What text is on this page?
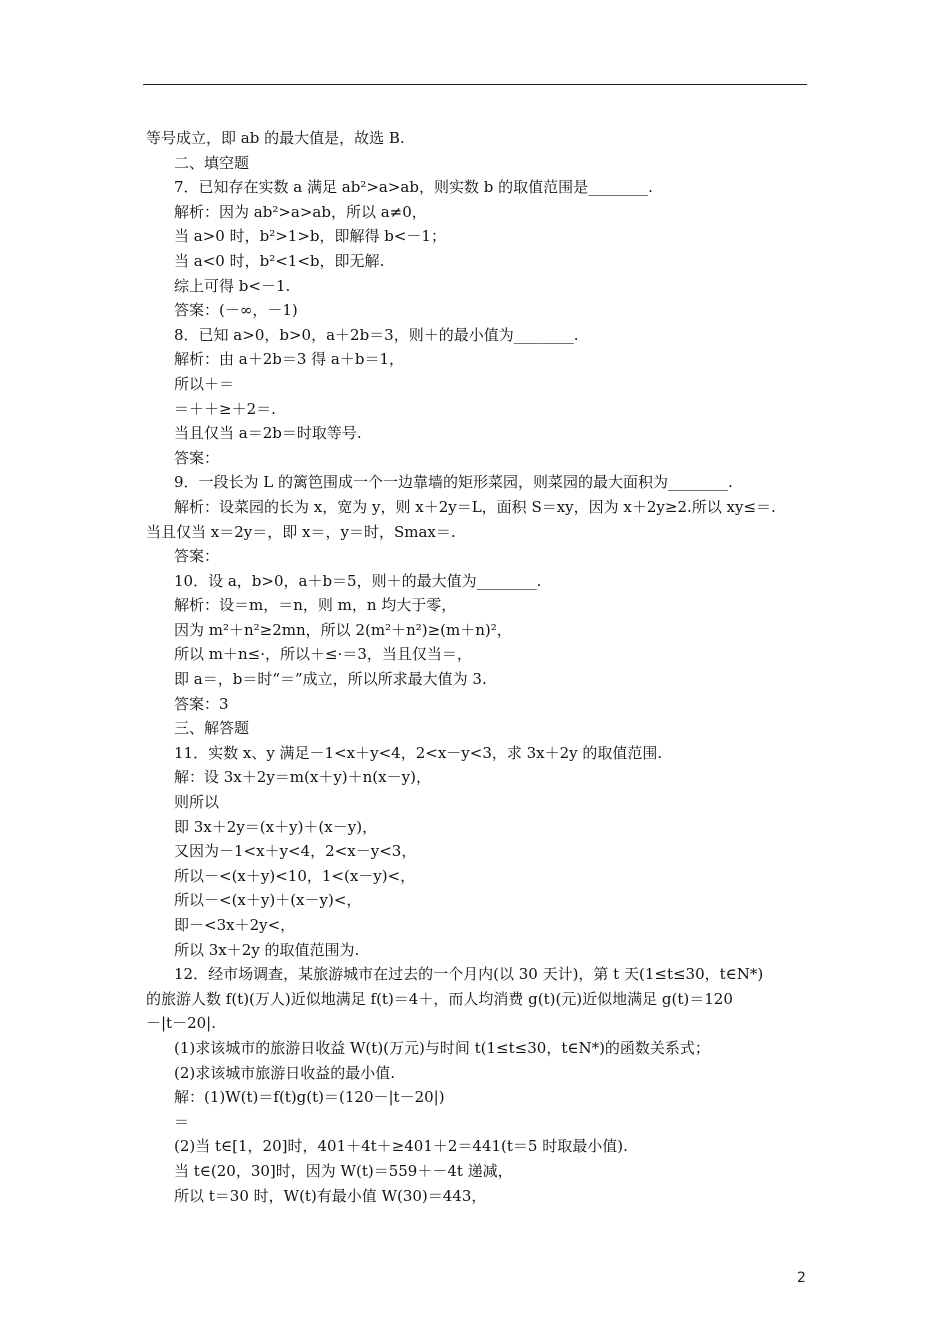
等号成立，即 ab 的最大值是，故选 B.
二、填空题
7．已知存在实数 a 满足 ab²>a>ab，则实数 b 的取值范围是________.
解析：因为 ab²>a>ab，所以 a≠0，
当 a>0 时，b²>1>b，即解得 b<－1；
当 a<0 时，b²<1<b，即无解.
综上可得 b<－1.
答案：(－∞，－1)
8．已知 a>0，b>0，a＋2b＝3，则＋的最小值为________.
解析：由 a＋2b＝3 得 a＋b＝1，
所以＋＝
＝＋＋≥＋2＝.
当且仅当 a＝2b＝时取等号.
答案：
9．一段长为 L 的篱笆围成一个一边靠墙的矩形菜园，则菜园的最大面积为________.
解析：设菜园的长为 x，宽为 y，则 x＋2y＝L，面积 S＝xy，因为 x＋2y≥2.所以 xy≤＝.
当且仅当 x＝2y＝，即 x＝，y＝时，Smax＝.
答案：
10．设 a，b>0，a＋b＝5，则＋的最大值为________.
解析：设＝m，＝n，则 m，n 均大于零，
因为 m²＋n²≥2mn，所以 2(m²＋n²)≥(m＋n)²，
所以 m＋n≤·，所以＋≤·＝3，当且仅当＝，
即 a＝，b＝时“＝”成立，所以所求最大值为 3.
答案：3
三、解答题
11．实数 x、y 满足－1<x＋y<4，2<x－y<3，求 3x＋2y 的取值范围.
解：设 3x＋2y＝m(x＋y)＋n(x－y)，
则所以
即 3x＋2y＝(x＋y)＋(x－y)，
又因为－1<x＋y<4，2<x－y<3，
所以－<(x＋y)<10，1<(x－y)<，
所以－<(x＋y)＋(x－y)<，
即－<3x＋2y<，
所以 3x＋2y 的取值范围为.
12．经市场调查，某旅游城市在过去的一个月内(以 30 天计)，第 t 天(1≤t≤30，t∈N*)
的旅游人数 f(t)(万人)近似地满足 f(t)＝4＋，而人均消费 g(t)(元)近似地满足 g(t)＝120
－|t－20|.
(1)求该城市的旅游日收益 W(t)(万元)与时间 t(1≤t≤30，t∈N*)的函数关系式；
(2)求该城市旅游日收益的最小值.
解：(1)W(t)＝f(t)g(t)＝(120－|t－20|)
＝
(2)当 t∈[1，20]时，401＋4t＋≥401＋2＝441(t＝5 时取最小值).
当 t∈(20，30]时，因为 W(t)＝559＋－4t 递减，
所以 t＝30 时，W(t)有最小值 W(30)＝443，
2
